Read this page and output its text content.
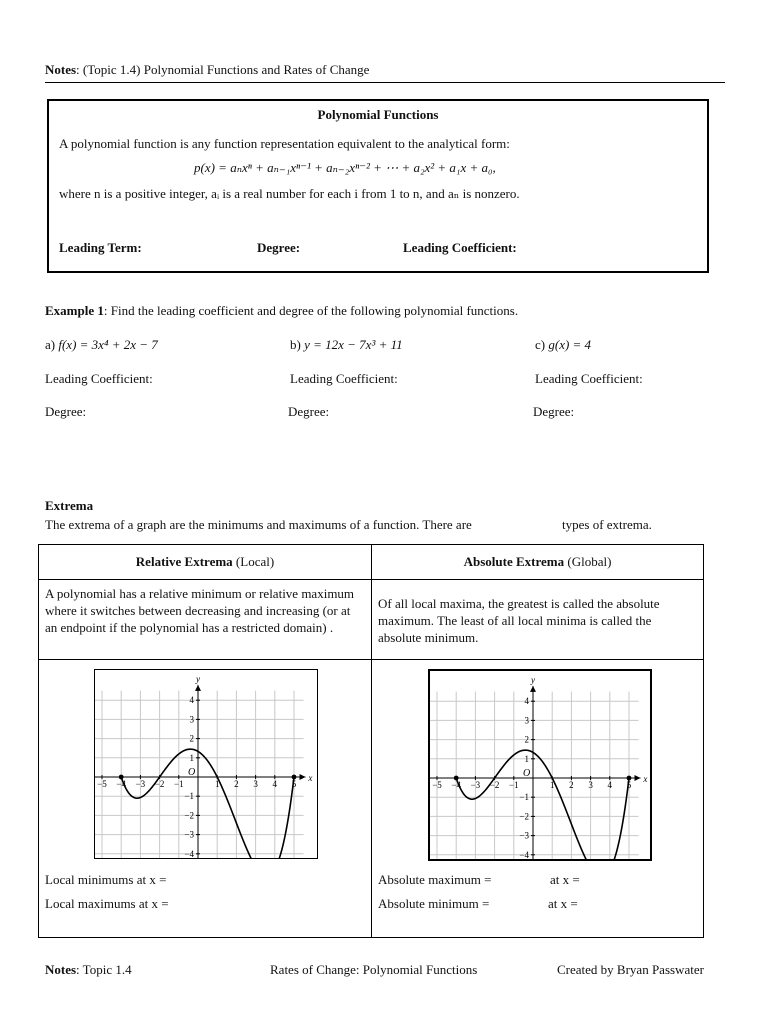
Notes: (Topic 1.4) Polynomial Functions and Rates of Change
Polynomial Functions
A polynomial function is any function representation equivalent to the analytical form:
p(x) = aₙxⁿ + aₙ₋₁xⁿ⁻¹ + aₙ₋₂xⁿ⁻² + ⋯ + a₂x² + a₁x + a₀,
where n is a positive integer, aᵢ is a real number for each i from 1 to n, and aₙ is nonzero.
Leading Term:	Degree:	Leading Coefficient:
Example 1: Find the leading coefficient and degree of the following polynomial functions.
a) f(x) = 3x⁴ + 2x − 7	b) y = 12x − 7x³ + 11	c) g(x) = 4
Leading Coefficient:	Leading Coefficient:	Leading Coefficient:
Degree:	Degree:	Degree:
Extrema
The extrema of a graph are the minimums and maximums of a function. There are	types of extrema.
Relative Extrema (Local)	Absolute Extrema (Global)
A polynomial has a relative minimum or relative maximum where it switches between decreasing and increasing (or at an endpoint if the polynomial has a restricted domain) .
Of all local maxima, the greatest is called the absolute maximum. The least of all local minima is called the absolute minimum.
x
y
O
−5 −4 −3 −2 −1	1 2 3 4 5
4
3
2
1
−1
−2
−3
−4
x
y
O
−5 −4 −3 −2 −1	1 2 3 4 5
4
3
2
1
−1
−2
−3
−4
Local minimums at x =
Local maximums at x =
Absolute maximum =	at x =
Absolute minimum =	at x =
Notes: Topic 1.4	Rates of Change: Polynomial Functions	Created by Bryan Passwater
